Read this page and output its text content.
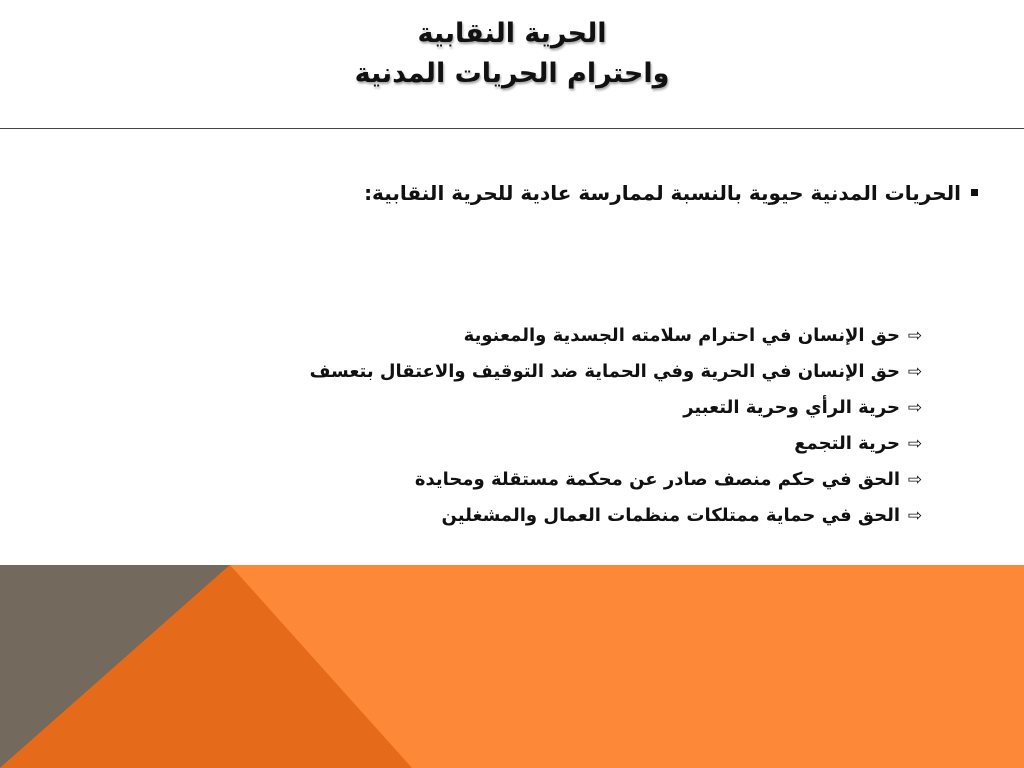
الحرية النقابية
واحترام الحريات المدنية
الحريات المدنية حيوية بالنسبة لممارسة عادية للحرية النقابية:
⇨حق الإنسان في احترام سلامته الجسدية والمعنوية
⇨حق الإنسان في الحرية وفي الحماية ضد التوقيف والاعتقال بتعسف
⇨حرية الرأي وحرية التعبير
⇨حرية التجمع
⇨الحق في حكم منصف صادر عن محكمة مستقلة ومحايدة
⇨الحق في حماية ممتلكات منظمات العمال والمشغلين
